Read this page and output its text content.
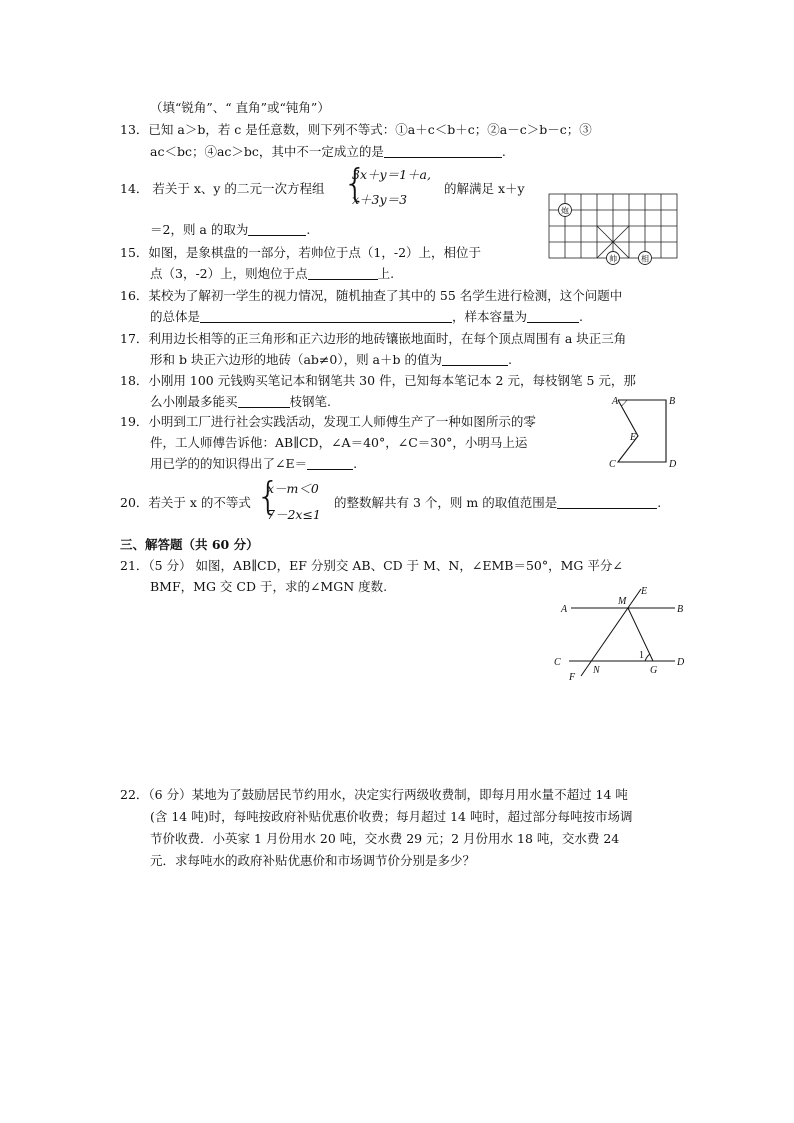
（填“锐角”、“ 直角”或“钝角”）
13．已知 a＞b，若 c 是任意数，则下列不等式：①a＋c＜b＋c；②a－c＞b－c；③
ac＜bc；④ac＞bc，其中不一定成立的是	.
14． 若关于 x、y 的二元一次方程组 {
3x＋y＝1＋a,
x＋3y＝3
的解满足 x＋y
＝2，则 a 的取为	.
炮
帅	相
15．如图，是象棋盘的一部分，若帅位于点（1，-2）上，相位于
点（3，-2）上，则炮位于点	上.
16．某校为了解初一学生的视力情况，随机抽查了其中的 55 名学生进行检测，这个问题中
的总体是	，样本容量为	.
17．利用边长相等的正三角形和正六边形的地砖镶嵌地面时，在每个顶点周围有 a 块正三角
形和 b 块正六边形的地砖（ab≠0），则 a＋b 的值为	.
18．小刚用 100 元钱购买笔记本和钢笔共 30 件，已知每本笔记本 2 元，每枝钢笔 5 元，那
么小刚最多能买	枝钢笔.
19．小明到工厂进行社会实践活动，发现工人师傅生产了一种如图所示的零
件，工人师傅告诉他：AB∥CD，∠A＝40°，∠C＝30°，小明马上运
用已学的的知识得出了∠E＝	.
A	B
E
C	D
20．若关于 x 的不等式 {
x－m＜0
7－2x≤1
的整数解共有 3 个，则 m 的取值范围是	.
三、解答题（共 60 分）
21．（5 分） 如图，AB∥CD，EF 分别交 AB、CD 于 M、N，∠EMB＝50°，MG 平分∠
BMF，MG 交 CD 于，求的∠MGN 度数.
A	B
C	D
E
F
M
N	G
1
22．（6 分）某地为了鼓励居民节约用水，决定实行两级收费制，即每月用水量不超过 14 吨
(含 14 吨)时，每吨按政府补贴优惠价收费；每月超过 14 吨时，超过部分每吨按市场调
节价收费．小英家 1 月份用水 20 吨，交水费 29 元；2 月份用水 18 吨，交水费 24
元．求每吨水的政府补贴优惠价和市场调节价分别是多少？
